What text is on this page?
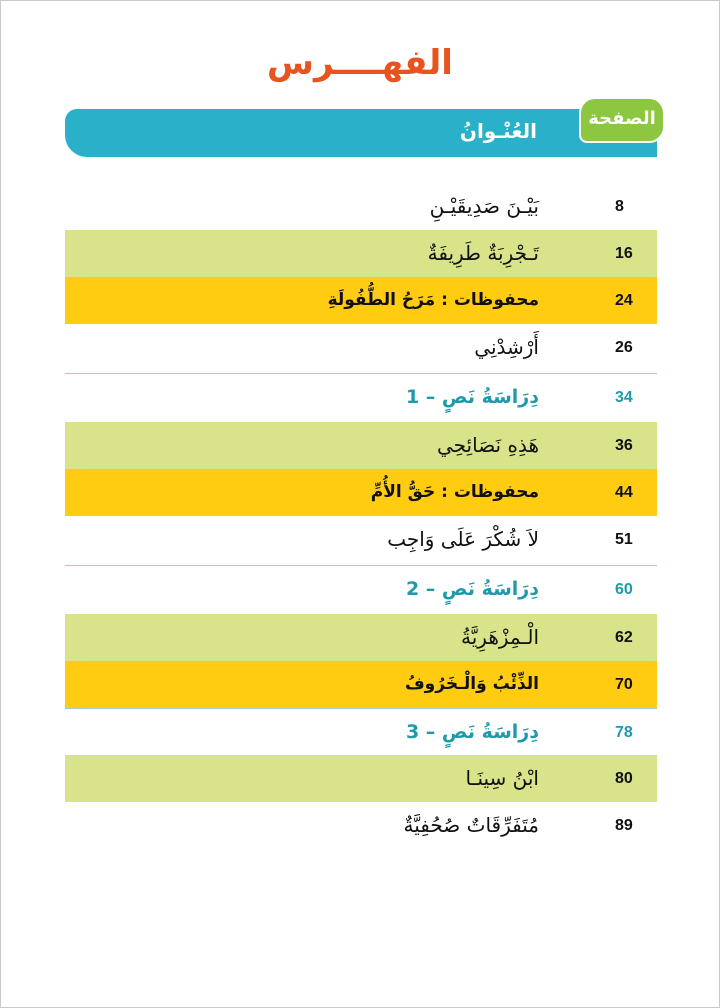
الفهــــرس
العُنْـوانُ
الصفحة
8
بَيْـنَ صَدِيقَيْـنِ
16
تَـجْرِبَةٌ طَرِيفَةٌ
24
محفوظات : مَرَحُ الطُّفُولَةِ
26
أَرْشِدْنِي
34
دِرَاسَةُ نَصٍ – 1
36
هَذِهِ نَصَائِحِي
44
محفوظات : حَقُّ الأُمِّ
51
لاَ شُكْرَ عَلَى وَاجِب
60
دِرَاسَةُ نَصٍ – 2
62
الْـمِزْهَرِيَّةُ
70
الذِّئْبُ وَالْـخَرُوفُ
78
دِرَاسَةُ نَصٍ – 3
80
ابْنُ سِينَـا
89
مُتَفَرِّقَاتٌ صُحُفِيَّةٌ
